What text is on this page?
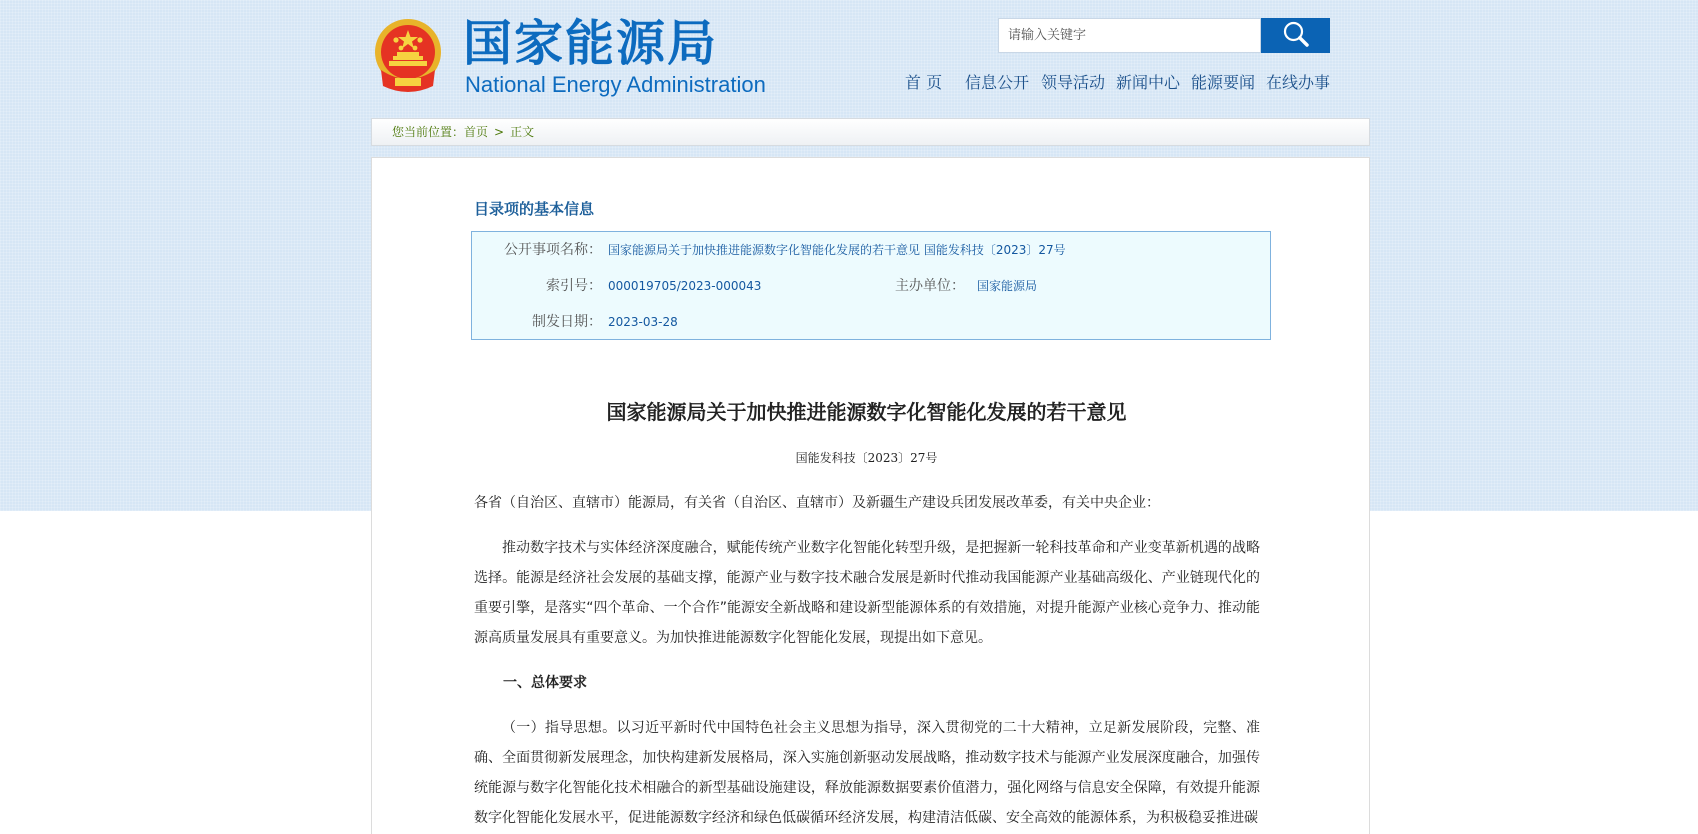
国家能源局
National Energy Administration
请输入关键字	首 页 信息公开 领导活动 新闻中心 能源要闻 在线办事
您当前位置：首页 > 正文
目录项的基本信息
公开事项名称： 国家能源局关于加快推进能源数字化智能化发展的若干意见 国能发科技〔2023〕27号
索引号： 000019705/2023-000043	主办单位： 国家能源局
制发日期： 2023-03-28
国家能源局关于加快推进能源数字化智能化发展的若干意见
国能发科技〔2023〕27号
各省（自治区、直辖市）能源局，有关省（自治区、直辖市）及新疆生产建设兵团发展改革委，有关中央企业：
推动数字技术与实体经济深度融合，赋能传统产业数字化智能化转型升级，是把握新一轮科技革命和产业变革新机遇的战略选择。能源是经济社会发展的基础支撑，能源产业与数字技术融合发展是新时代推动我国能源产业基础高级化、产业链现代化的重要引擎，是落实“四个革命、一个合作”能源安全新战略和建设新型能源体系的有效措施，对提升能源产业核心竞争力、推动能源高质量发展具有重要意义。为加快推进能源数字化智能化发展，现提出如下意见。
一、总体要求
（一）指导思想。以习近平新时代中国特色社会主义思想为指导，深入贯彻党的二十大精神，立足新发展阶段，完整、准确、全面贯彻新发展理念，加快构建新发展格局，深入实施创新驱动发展战略，推动数字技术与能源产业发展深度融合，加强传统能源与数字化智能化技术相融合的新型基础设施建设，释放能源数据要素价值潜力，强化网络与信息安全保障，有效提升能源数字化智能化发展水平，促进能源数字经济和绿色低碳循环经济发展，构建清洁低碳、安全高效的能源体系，为积极稳妥推进碳
